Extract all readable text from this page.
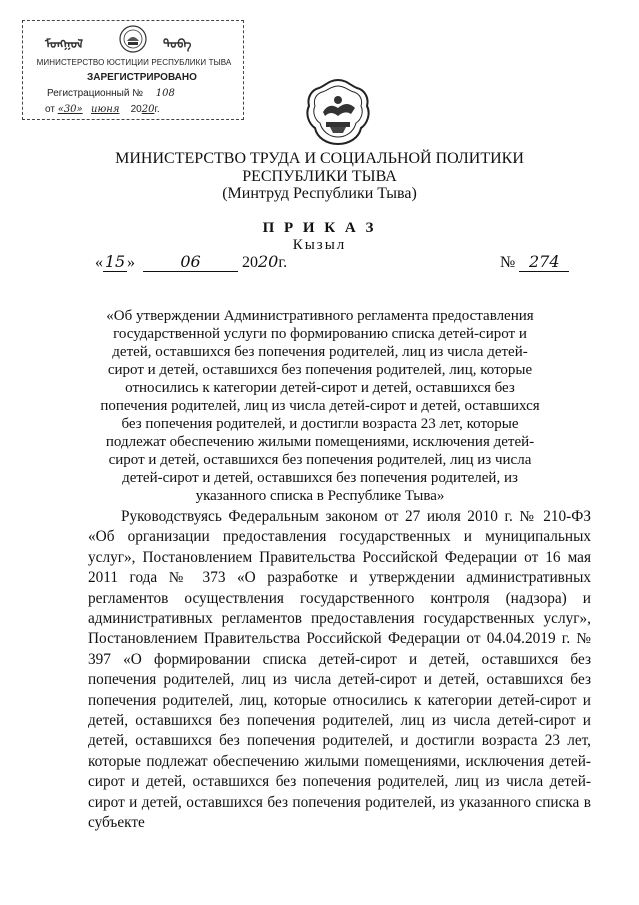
ᠮᠣᠩᠭᠣᠯ	ᠲᠣᠪᠠ
МИНИСТЕРСТВО ЮСТИЦИИ РЕСПУБЛИКИ ТЫВА
ЗАРЕГИСТРИРОВАНО
Регистрационный № 108
от «30» июня 2020г.
МИНИСТЕРСТВО ТРУДА И СОЦИАЛЬНОЙ ПОЛИТИКИ
РЕСПУБЛИКИ ТЫВА
(Минтруд Республики Тыва)
П Р И К А З
Кызыл
« 15 »	06	2020г.	№ 274
«Об утверждении Административного регламента предоставления государственной услуги по формированию списка детей-сирот и детей, оставшихся без попечения родителей, лиц из числа детей-сирот и детей, оставшихся без попечения родителей, лиц, которые относились к категории детей-сирот и детей, оставшихся без попечения родителей, лиц из числа детей-сирот и детей, оставшихся без попечения родителей, и достигли возраста 23 лет, которые подлежат обеспечению жилыми помещениями, исключения детей-сирот и детей, оставшихся без попечения родителей, лиц из числа детей-сирот и детей, оставшихся без попечения родителей, из указанного списка в Республике Тыва»
Руководствуясь Федеральным законом от 27 июля 2010 г. № 210-ФЗ «Об организации предоставления государственных и муниципальных услуг», Постановлением Правительства Российской Федерации от 16 мая 2011 года № 373 «О разработке и утверждении административных регламентов осуществления государственного контроля (надзора) и административных регламентов предоставления государственных услуг», Постановлением Правительства Российской Федерации от 04.04.2019 г. № 397 «О формировании списка детей-сирот и детей, оставшихся без попечения родителей, лиц из числа детей-сирот и детей, оставшихся без попечения родителей, лиц, которые относились к категории детей-сирот и детей, оставшихся без попечения родителей, лиц из числа детей-сирот и детей, оставшихся без попечения родителей, и достигли возраста 23 лет, которые подлежат обеспечению жилыми помещениями, исключения детей-сирот и детей, оставшихся без попечения родителей, лиц из числа детей-сирот и детей, оставшихся без попечения родителей, из указанного списка в субъекте
